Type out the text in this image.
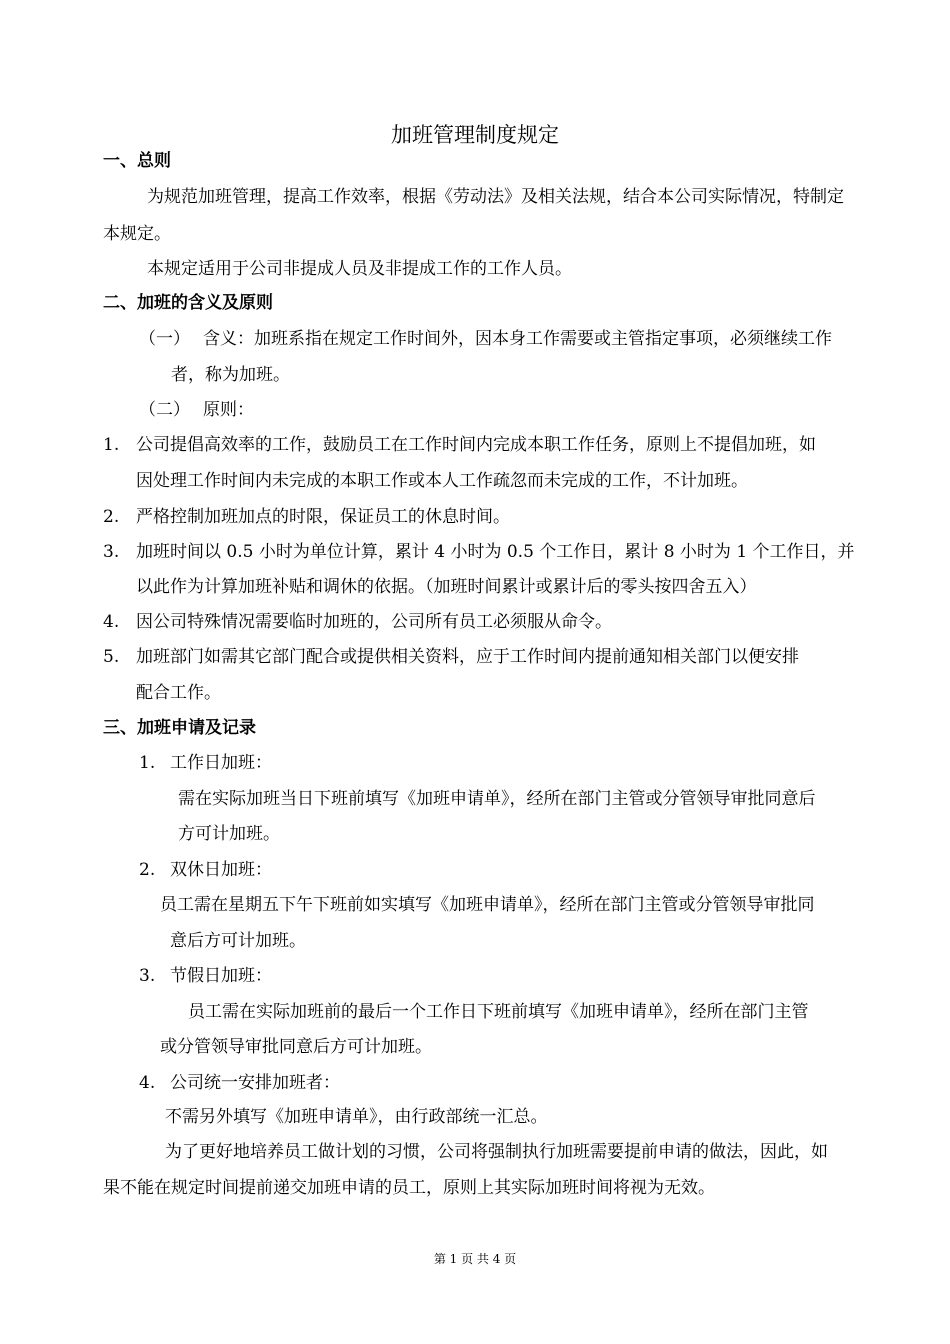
加班管理制度规定
一、总则
为规范加班管理，提高工作效率，根据《劳动法》及相关法规，结合本公司实际情况，特制定
本规定。
本规定适用于公司非提成人员及非提成工作的工作人员。
二、加班的含义及原则
（一） 含义：加班系指在规定工作时间外，因本身工作需要或主管指定事项，必须继续工作
者，称为加班。
（二） 原则：
1. 公司提倡高效率的工作，鼓励员工在工作时间内完成本职工作任务，原则上不提倡加班，如
因处理工作时间内未完成的本职工作或本人工作疏忽而未完成的工作，不计加班。
2. 严格控制加班加点的时限，保证员工的休息时间。
3. 加班时间以 0.5 小时为单位计算，累计 4 小时为 0.5 个工作日，累计 8 小时为 1 个工作日，并
以此作为计算加班补贴和调休的依据。（加班时间累计或累计后的零头按四舍五入）
4. 因公司特殊情况需要临时加班的，公司所有员工必须服从命令。
5. 加班部门如需其它部门配合或提供相关资料，应于工作时间内提前通知相关部门以便安排
配合工作。
三、加班申请及记录
1. 工作日加班：
需在实际加班当日下班前填写《加班申请单》，经所在部门主管或分管领导审批同意后
方可计加班。
2. 双休日加班：
员工需在星期五下午下班前如实填写《加班申请单》，经所在部门主管或分管领导审批同
意后方可计加班。
3. 节假日加班：
员工需在实际加班前的最后一个工作日下班前填写《加班申请单》，经所在部门主管
或分管领导审批同意后方可计加班。
4. 公司统一安排加班者：
不需另外填写《加班申请单》，由行政部统一汇总。
为了更好地培养员工做计划的习惯，公司将强制执行加班需要提前申请的做法，因此，如
果不能在规定时间提前递交加班申请的员工，原则上其实际加班时间将视为无效。
第 1 页 共 4 页
